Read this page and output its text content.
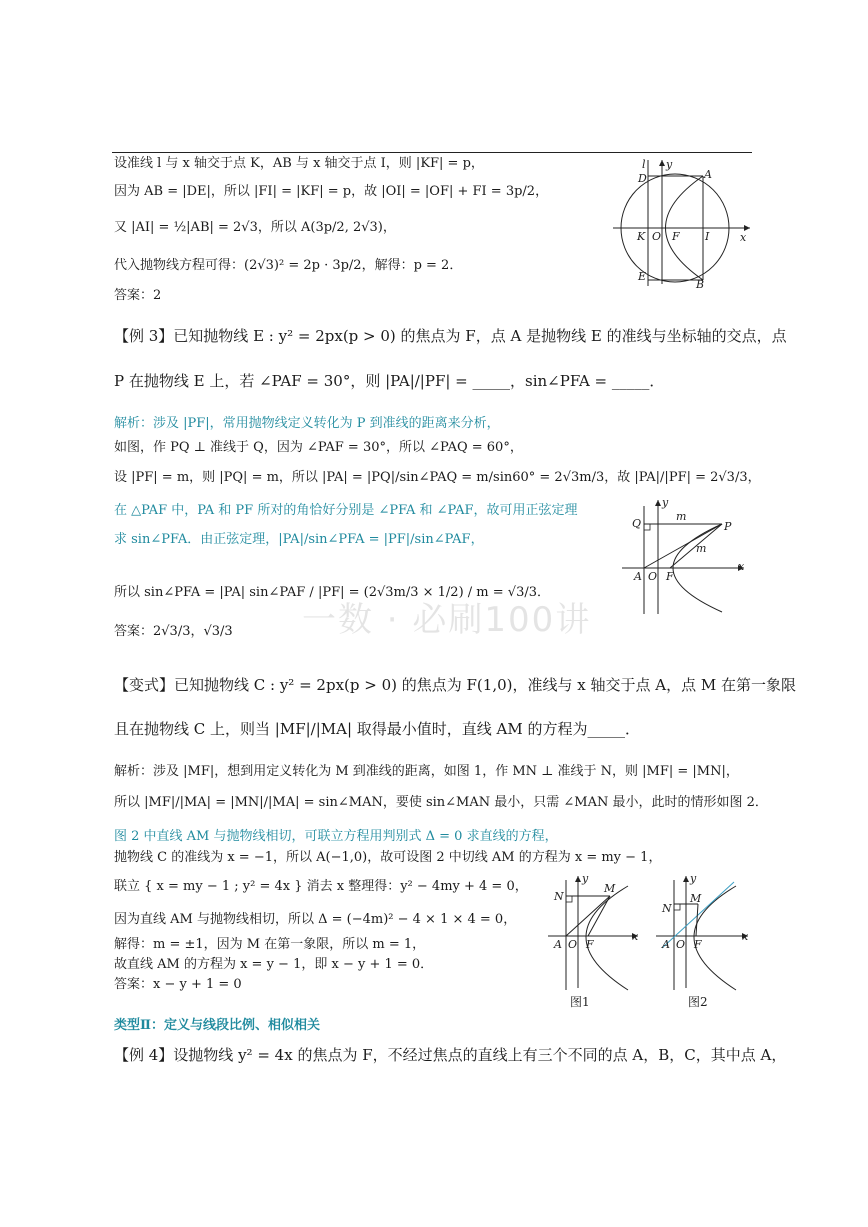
一数 · 必刷100讲
设准线 l 与 x 轴交于点 K，AB 与 x 轴交于点 I，则 |KF| = p，
因为 AB = |DE|，所以 |FI| = |KF| = p，故 |OI| = |OF| + FI = 3p/2，
又 |AI| = ½|AB| = 2√3，所以 A(3p/2, 2√3)，
代入抛物线方程可得：(2√3)² = 2p · 3p/2，解得：p = 2．
答案：2
l y
D	A
K O F I	x
E
B
【例 3】已知抛物线 E : y² = 2px(p > 0) 的焦点为 F，点 A 是抛物线 E 的准线与坐标轴的交点，点
P 在抛物线 E 上，若 ∠PAF = 30°，则 |PA|/|PF| = _____，sin∠PFA = _____．
解析：涉及 |PF|，常用抛物线定义转化为 P 到准线的距离来分析，
如图，作 PQ ⊥ 准线于 Q，因为 ∠PAF = 30°，所以 ∠PAQ = 60°，
设 |PF| = m，则 |PQ| = m，所以 |PA| = |PQ|/sin∠PAQ = m/sin60° = 2√3m/3，故 |PA|/|PF| = 2√3/3，
在 △PAF 中，PA 和 PF 所对的角恰好分别是 ∠PFA 和 ∠PAF，故可用正弦定理
求 sin∠PFA．由正弦定理，|PA|/sin∠PFA = |PF|/sin∠PAF，
所以 sin∠PFA = |PA| sin∠PAF / |PF| = (2√3m/3 × 1/2) / m = √3/3．
答案：2√3/3，√3/3
y
Q
m
P
m
A O F
x
【变式】已知抛物线 C : y² = 2px(p > 0) 的焦点为 F(1,0)，准线与 x 轴交于点 A，点 M 在第一象限
且在抛物线 C 上，则当 |MF|/|MA| 取得最小值时，直线 AM 的方程为_____．
解析：涉及 |MF|，想到用定义转化为 M 到准线的距离，如图 1，作 MN ⊥ 准线于 N，则 |MF| = |MN|，
所以 |MF|/|MA| = |MN|/|MA| = sin∠MAN，要使 sin∠MAN 最小，只需 ∠MAN 最小，此时的情形如图 2．
图 2 中直线 AM 与抛物线相切，可联立方程用判别式 Δ = 0 求直线的方程，
抛物线 C 的准线为 x = −1，所以 A(−1,0)，故可设图 2 中切线 AM 的方程为 x = my − 1，
联立 { x = my − 1 ; y² = 4x } 消去 x 整理得：y² − 4my + 4 = 0，
因为直线 AM 与抛物线相切，所以 Δ = (−4m)² − 4 × 1 × 4 = 0，
解得：m = ±1，因为 M 在第一象限，所以 m = 1，
故直线 AM 的方程为 x = y − 1，即 x − y + 1 = 0．
答案：x − y + 1 = 0
y
N
M
A O F
x
图1
y
N
M
A O F
x
图2
类型Ⅱ：定义与线段比例、相似相关
【例 4】设抛物线 y² = 4x 的焦点为 F，不经过焦点的直线上有三个不同的点 A，B，C，其中点 A，
